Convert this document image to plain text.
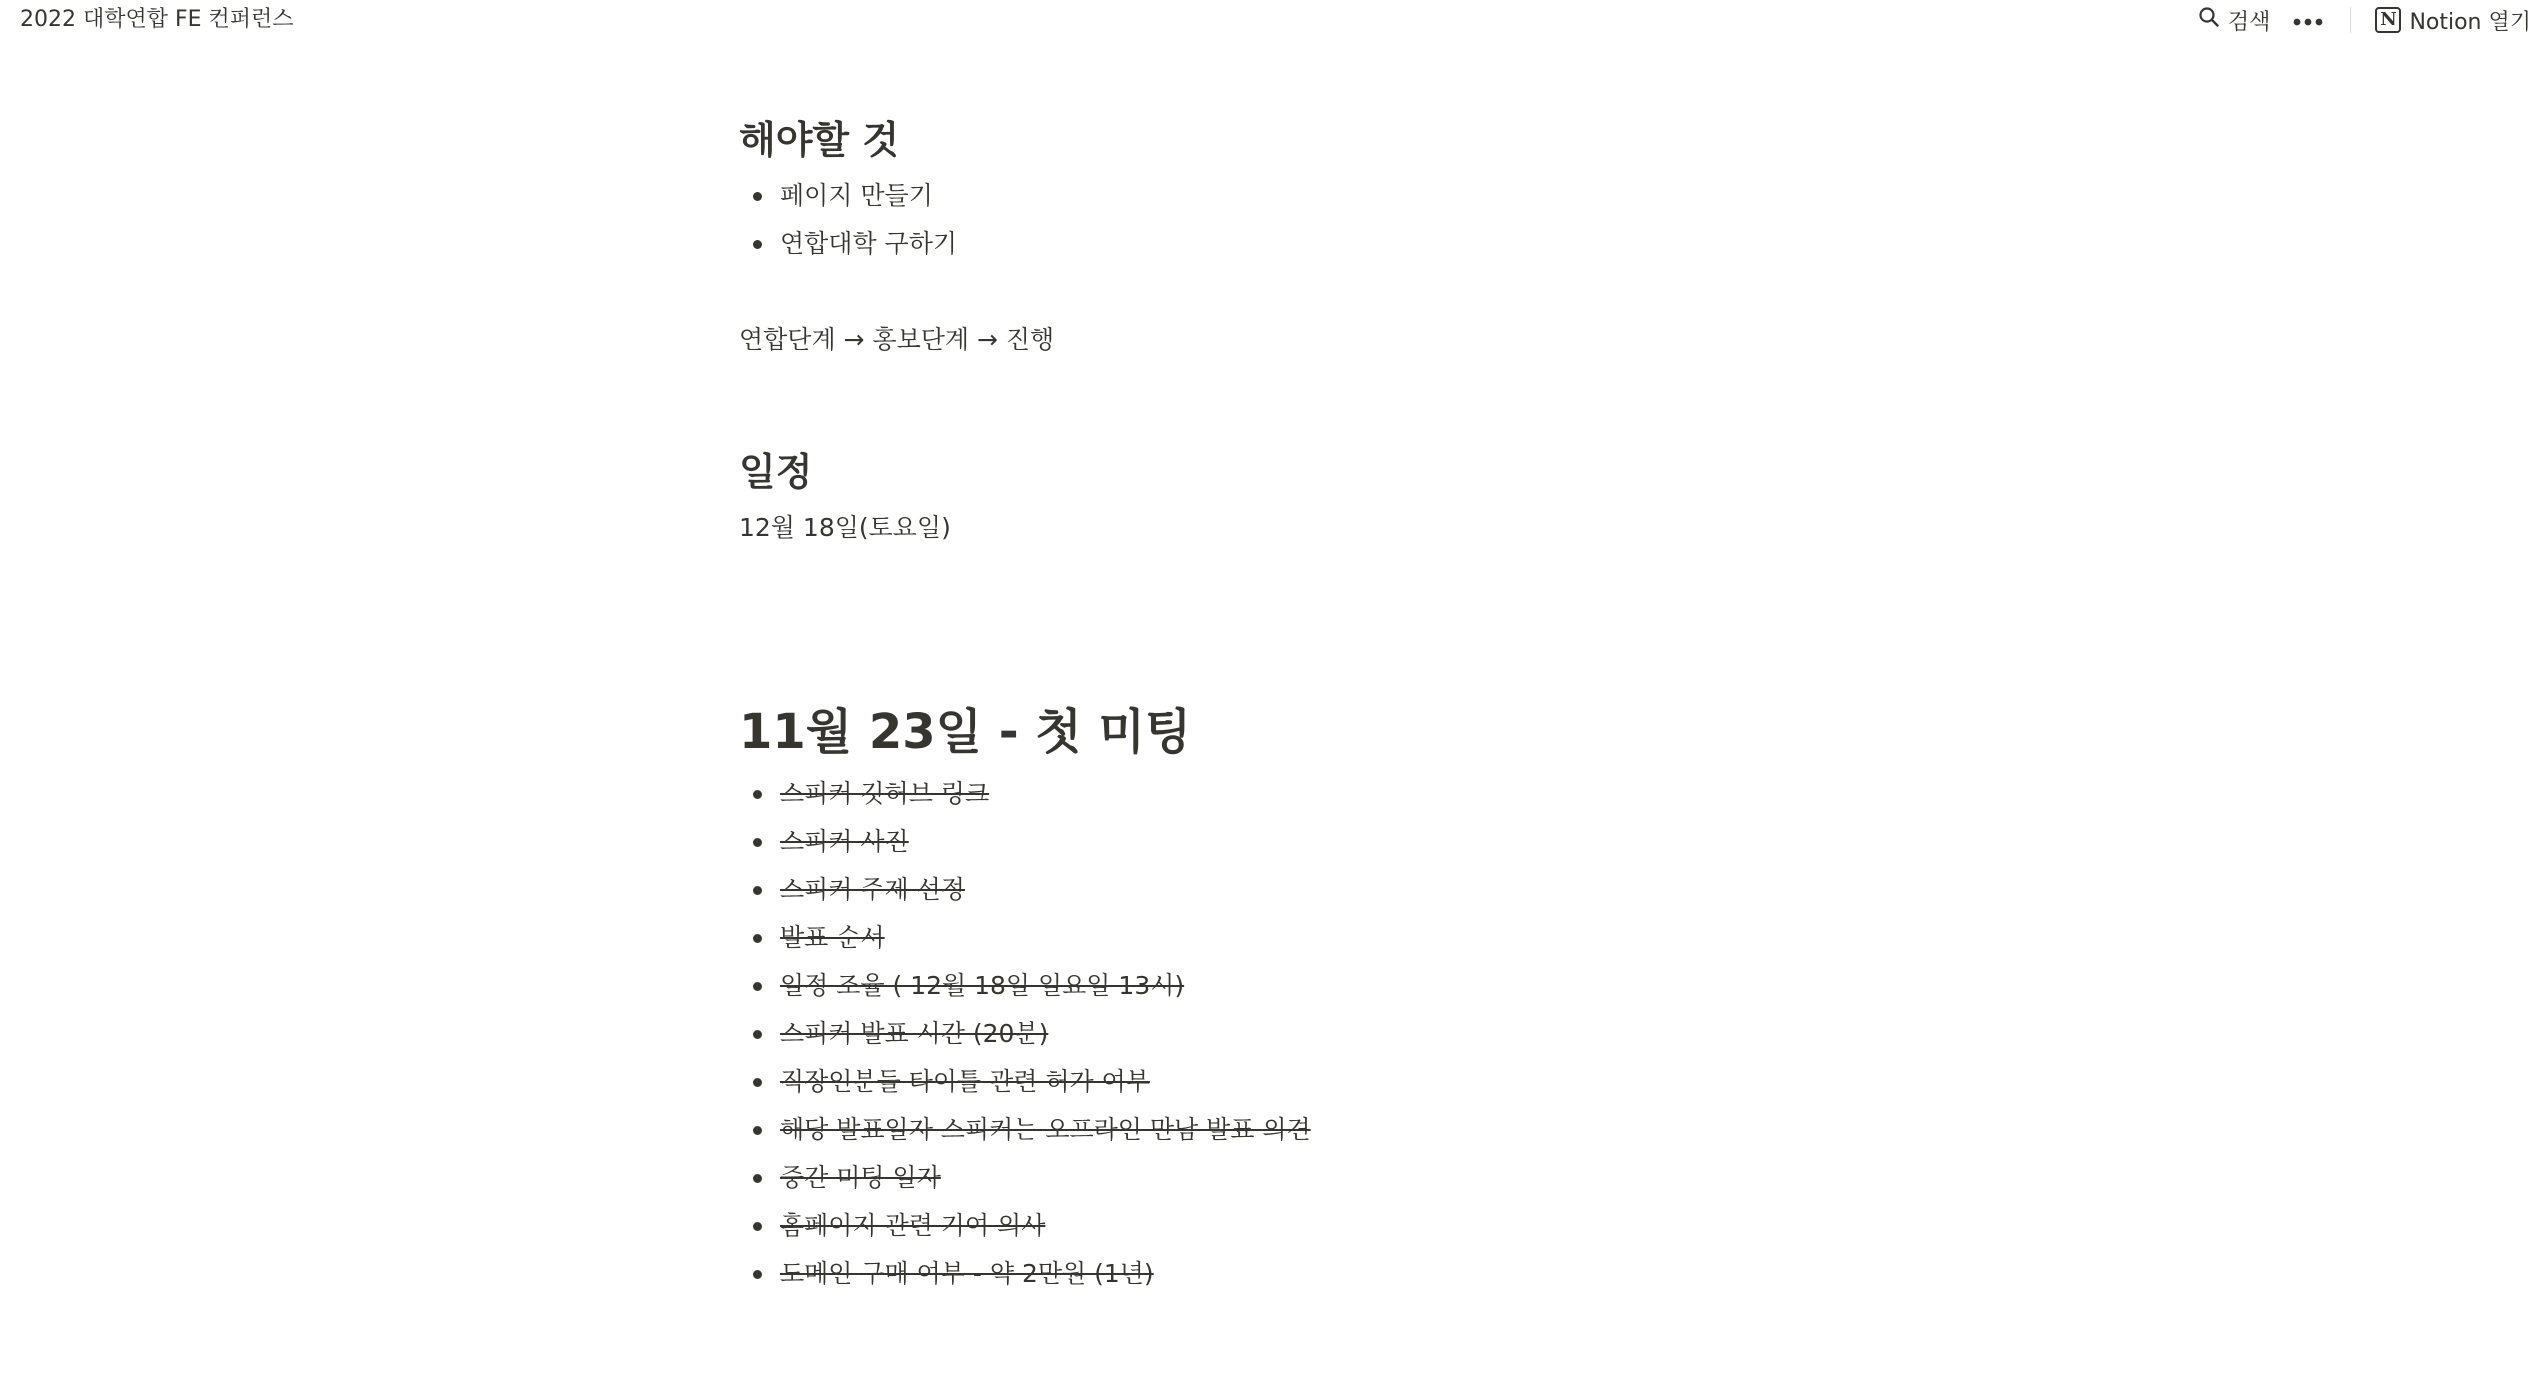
2022 대학연합 FE 컨퍼런스	검색	N Notion 열기
해야할 것
페이지 만들기
연합대학 구하기
연합단계 → 홍보단계 → 진행
일정
12월 18일(토요일)
11월 23일 - 첫 미팅
스피커 깃허브 링크
스피커 사진
스피커 주제 선정
발표 순서
일정 조율 ( 12월 18일 일요일 13시)
스피커 발표 시간 (20분)
직장인분들 타이틀 관련 허가 여부
해당 발표일자 스피커는 오프라인 만남 발표 의견
중간 미팅 일자
홈페이지 관련 기여 의사
도메인 구매 여부 - 약 2만원 (1년)
